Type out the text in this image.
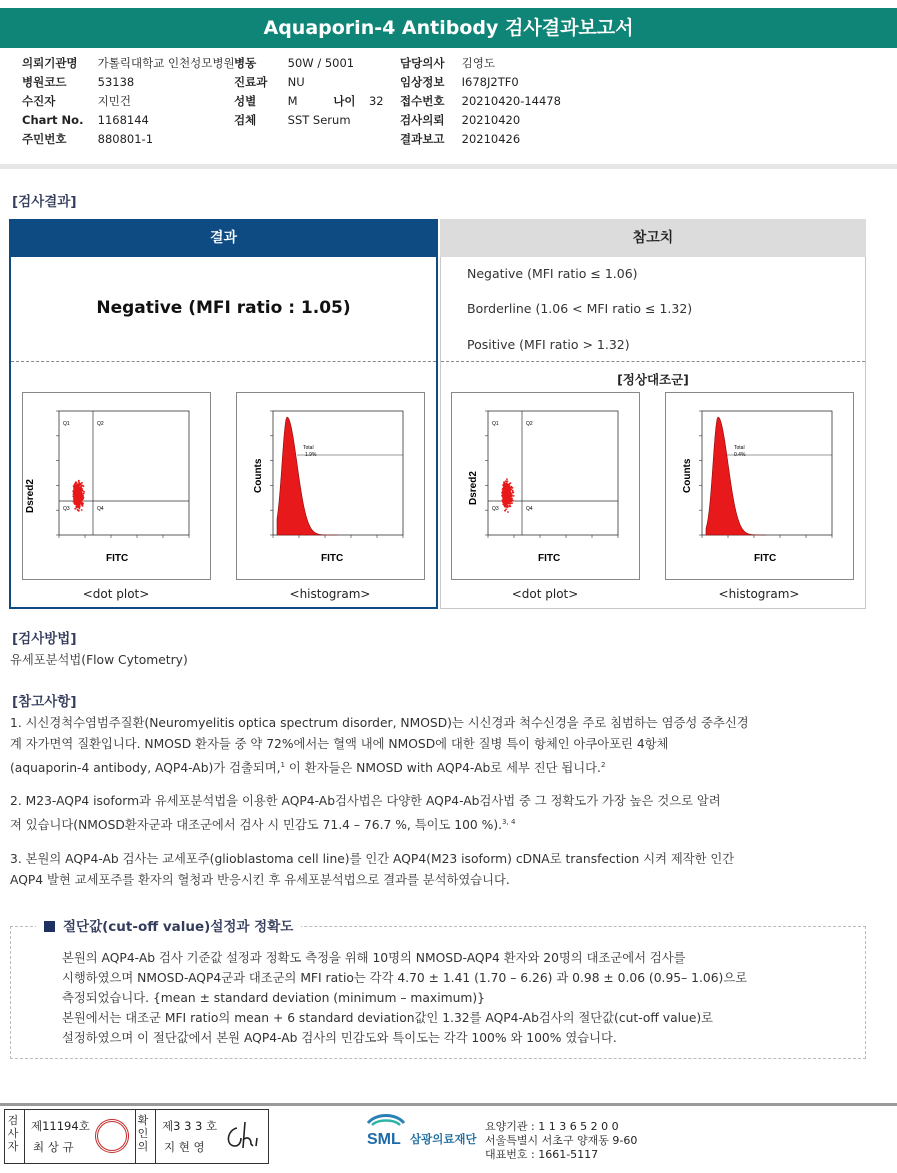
Aquaporin-4 Antibody 검사결과보고서
의뢰기관명 가톨릭대학교 인천성모병원 병동	50W / 5001	담당의사 김영도
병원코드	53138	진료과 NU	임상정보 I678J2TF0
수진자	지민건	성별	M	나이 32 접수번호 20210420-14478
Chart No. 1168144	검체	SST Serum	검사의뢰 20210420
주민번호	880801-1	결과보고 20210426
[검사결과]
결과	참고치
Negative (MFI ratio : 1.05)
Negative (MFI ratio ≤ 1.06)
Borderline (1.06 < MFI ratio ≤ 1.32)
Positive (MFI ratio > 1.32)
[정상대조군]
Dsred2
FITC
Q1	Q2
Q3	Q4
Counts
FITC
Total
1.9%
Dsred2
FITC
Q1	Q2
Q3	Q4
Counts
FITC
Total
0.4%
<dot plot>	<histogram>	<dot plot>	<histogram>
[검사방법]
유세포분석법(Flow Cytometry)
[참고사항]
1. 시신경척수염범주질환(Neuromyelitis optica spectrum disorder, NMOSD)는 시신경과 척수신경을 주로 침범하는 염증성 중추신경
계 자가면역 질환입니다. NMOSD 환자들 중 약 72%에서는 혈액 내에 NMOSD에 대한 질병 특이 항체인 아쿠아포린 4항체
(aquaporin-4 antibody, AQP4-Ab)가 검출되며,$^1$ 이 환자들은 NMOSD with AQP4-Ab로 세부 진단 됩니다.$^2$
2. M23-AQP4 isoform과 유세포분석법을 이용한 AQP4-Ab검사법은 다양한 AQP4-Ab검사법 중 그 정확도가 가장 높은 것으로 알려
져 있습니다(NMOSD환자군과 대조군에서 검사 시 민감도 71.4 – 76.7 %, 특이도 100 %).$^{3, 4}$
3. 본원의 AQP4-Ab 검사는 교세포주(glioblastoma cell line)를 인간 AQP4(M23 isoform) cDNA로 transfection 시켜 제작한 인간
AQP4 발현 교세포주를 환자의 혈청과 반응시킨 후 유세포분석법으로 결과를 분석하였습니다.
절단값(cut-off value)설정과 정확도
본원의 AQP4-Ab 검사 기준값 설정과 정확도 측정을 위해 10명의 NMOSD-AQP4 환자와 20명의 대조군에서 검사를
시행하였으며 NMOSD-AQP4군과 대조군의 MFI ratio는 각각 4.70 ± 1.41 (1.70 – 6.26) 과 0.98 ± 0.06 (0.95– 1.06)으로
측정되었습니다. {mean ± standard deviation (minimum – maximum)}
본원에서는 대조군 MFI ratio의 mean + 6 standard deviation값인 1.32를 AQP4-Ab검사의 절단값(cut-off value)로
설정하였으며 이 절단값에서 본원 AQP4-Ab 검사의 민감도와 특이도는 각각 100% 와 100% 였습니다.
검사자
제11194호
최 상 규
확인의
제3 3 3 호
지 현 영	SML 삼광의료재단
요양기관 : 1 1 3 6 5 2 0 0
서울특별시 서초구 양재동 9-60
대표번호 : 1661-5117
